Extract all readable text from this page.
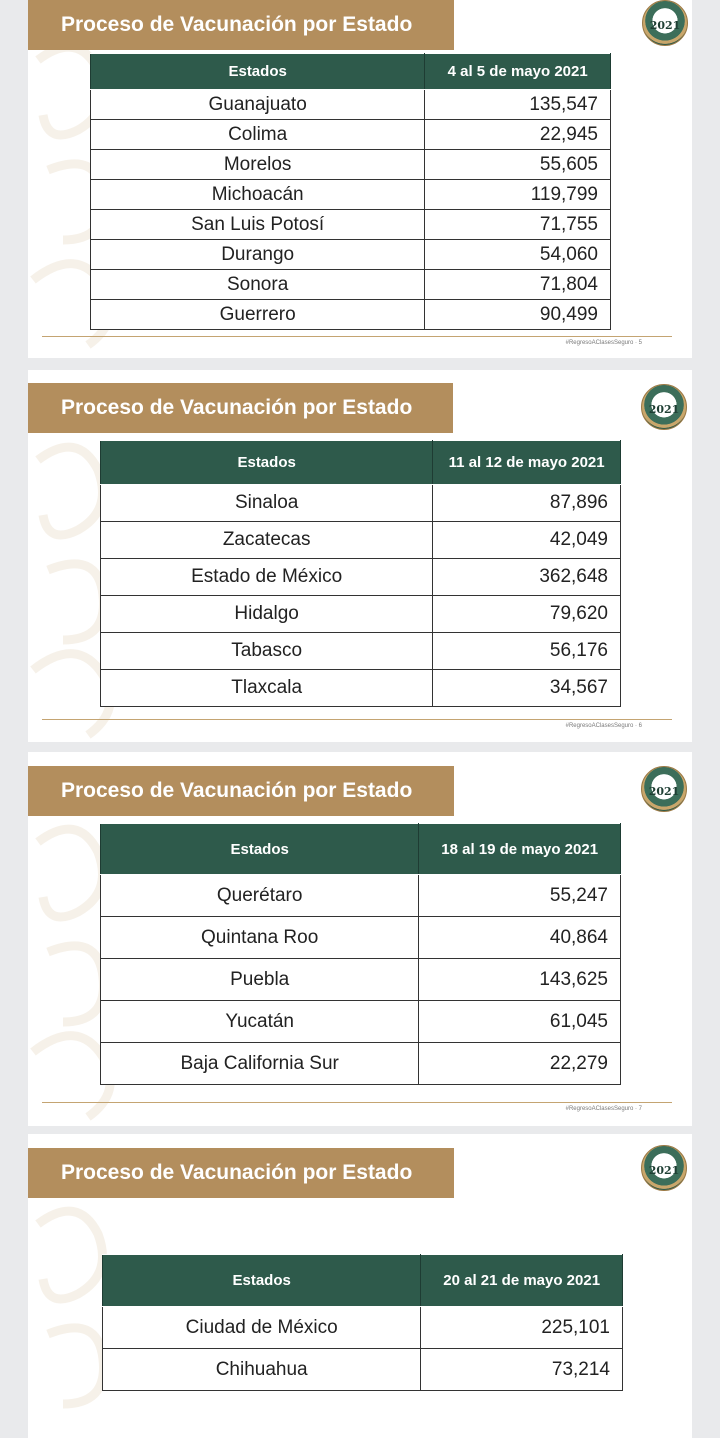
Proceso de Vacunación por Estado	2021
Estados	4 al 5 de mayo 2021
Guanajuato	135,547
Colima	22,945
Morelos	55,605
Michoacán	119,799
San Luis Potosí	71,755
Durango	54,060
Sonora	71,804
Guerrero	90,499
#RegresoAClasesSeguro · 5
Proceso de Vacunación por Estado	2021
Estados	11 al 12 de mayo 2021
Sinaloa	87,896
Zacatecas	42,049
Estado de México	362,648
Hidalgo	79,620
Tabasco	56,176
Tlaxcala	34,567
#RegresoAClasesSeguro · 6
Proceso de Vacunación por Estado	2021
Estados	18 al 19 de mayo 2021
Querétaro	55,247
Quintana Roo	40,864
Puebla	143,625
Yucatán	61,045
Baja California Sur	22,279
#RegresoAClasesSeguro · 7
Proceso de Vacunación por Estado	2021
Estados	20 al 21 de mayo 2021
Ciudad de México	225,101
Chihuahua	73,214
